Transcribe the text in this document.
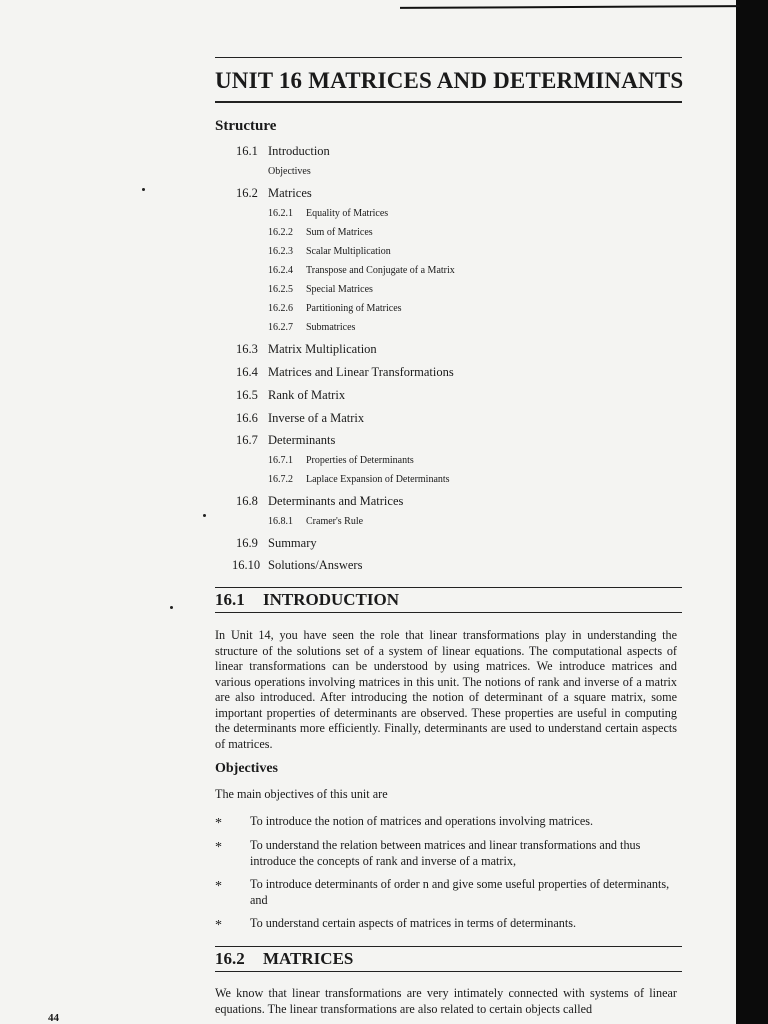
UNIT 16 MATRICES AND DETERMINANTS
Structure
16.1 Introduction
Objectives
16.2 Matrices
16.2.1 Equality of Matrices
16.2.2 Sum of Matrices
16.2.3 Scalar Multiplication
16.2.4 Transpose and Conjugate of a Matrix
16.2.5 Special Matrices
16.2.6 Partitioning of Matrices
16.2.7 Submatrices
16.3 Matrix Multiplication
16.4 Matrices and Linear Transformations
16.5 Rank of Matrix
16.6 Inverse of a Matrix
16.7 Determinants
16.7.1 Properties of Determinants
16.7.2 Laplace Expansion of Determinants
16.8 Determinants and Matrices
16.8.1 Cramer's Rule
16.9 Summary
16.10 Solutions/Answers
16.1 INTRODUCTION

In Unit 14, you have seen the role that linear transformations play in understanding the structure of the solutions set of a system of linear equations. The computational aspects of linear transformations can be understood by using matrices. We introduce matrices and various operations involving matrices in this unit. The notions of rank and inverse of a matrix are also introduced. After introducing the notion of determinant of a square matrix, some important properties of determinants are observed. These properties are useful in computing the determinants more efficiently. Finally, determinants are used to understand certain aspects of matrices.

Objectives

The main objectives of this unit are

* To introduce the notion of matrices and operations involving matrices.
* To understand the relation between matrices and linear transformations and thus introduce the concepts of rank and inverse of a matrix,
* To introduce determinants of order n and give some useful properties of determinants, and
* To understand certain aspects of matrices in terms of determinants.
16.2 MATRICES

We know that linear transformations are very intimately connected with systems of linear equations. The linear transformations are also related to certain objects called

44
